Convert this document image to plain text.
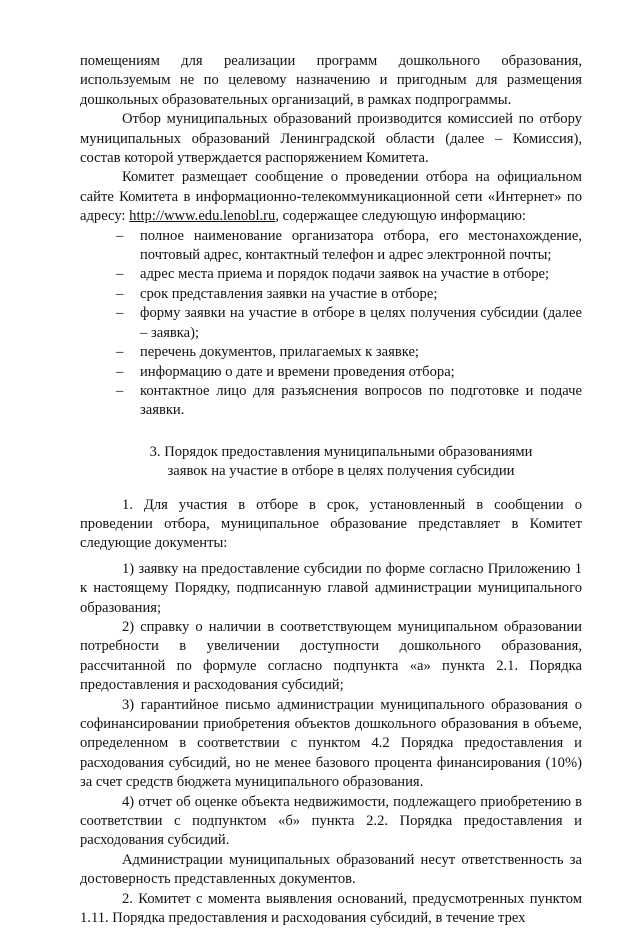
помещениям для реализации программ дошкольного образования, используемым не по целевому назначению и пригодным для размещения дошкольных образовательных организаций, в рамках подпрограммы.

Отбор муниципальных образований производится комиссией по отбору муниципальных образований Ленинградской области (далее – Комиссия), состав которой утверждается распоряжением Комитета.

Комитет размещает сообщение о проведении отбора на официальном сайте Комитета в информационно-телекоммуникационной сети «Интернет» по адресу: http://www.edu.lenobl.ru, содержащее следующую информацию:

– полное наименование организатора отбора, его местонахождение, почтовый адрес, контактный телефон и адрес электронной почты;
– адрес места приема и порядок подачи заявок на участие в отборе;
– срок представления заявки на участие в отборе;
– форму заявки на участие в отборе в целях получения субсидии (далее – заявка);
– перечень документов, прилагаемых к заявке;
– информацию о дате и времени проведения отбора;
– контактное лицо для разъяснения вопросов по подготовке и подаче заявки.
3. Порядок предоставления муниципальными образованиями
заявок на участие в отборе в целях получения субсидии

1. Для участия в отборе в срок, установленный в сообщении о проведении отбора, муниципальное образование представляет в Комитет следующие документы:

1) заявку на предоставление субсидии по форме согласно Приложению 1 к настоящему Порядку, подписанную главой администрации муниципального образования;

2) справку о наличии в соответствующем муниципальном образовании потребности в увеличении доступности дошкольного образования, рассчитанной по формуле согласно подпункта «а» пункта 2.1. Порядка предоставления и расходования субсидий;

3) гарантийное письмо администрации муниципального образования о софинансировании приобретения объектов дошкольного образования в объеме, определенном в соответствии с пунктом 4.2 Порядка предоставления и расходования субсидий, но не менее базового процента финансирования (10%) за счет средств бюджета муниципального образования.

4) отчет об оценке объекта недвижимости, подлежащего приобретению в соответствии с подпунктом «б» пункта 2.2. Порядка предоставления и расходования субсидий.

Администрации муниципальных образований несут ответственность за достоверность представленных документов.

2. Комитет с момента выявления оснований, предусмотренных пунктом 1.11. Порядка предоставления и расходования субсидий, в течение трех
